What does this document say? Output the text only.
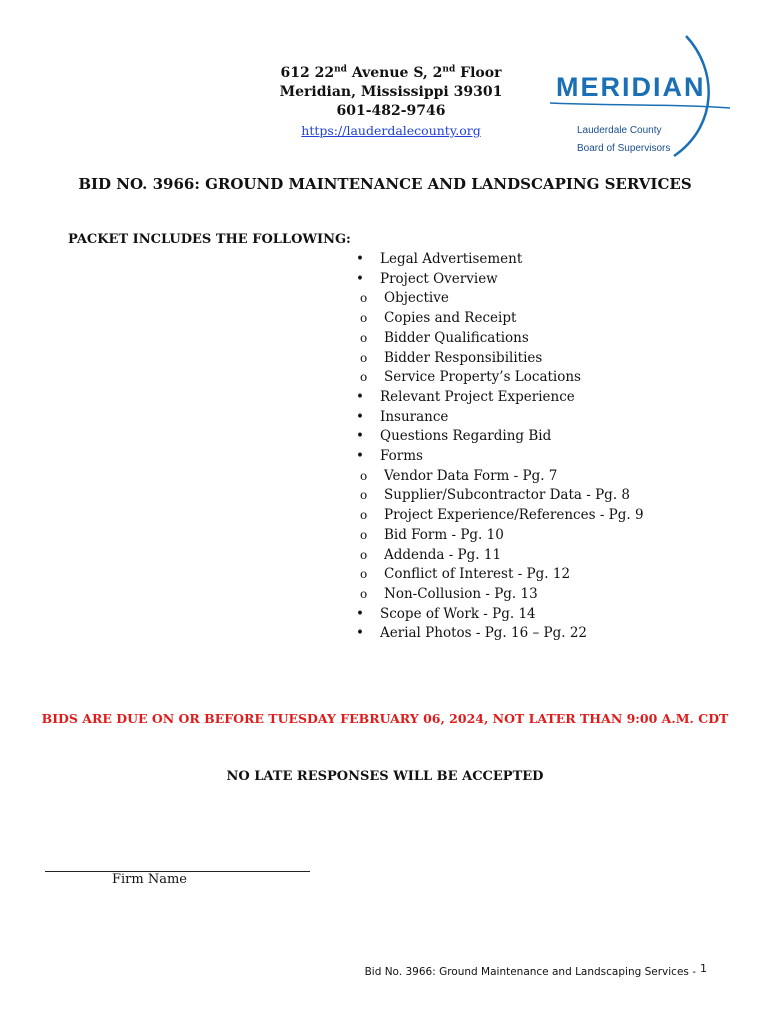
612 22nd Avenue S, 2nd Floor
Meridian, Mississippi 39301
601-482-9746
https://lauderdalecounty.org
MERIDIAN
Lauderdale County
Board of Supervisors
BID NO. 3966: GROUND MAINTENANCE AND LANDSCAPING SERVICES
PACKET INCLUDES THE FOLLOWING:
• Legal Advertisement
• Project Overview
o Objective
o Copies and Receipt
o Bidder Qualifications
o Bidder Responsibilities
o Service Property’s Locations
• Relevant Project Experience
• Insurance
• Questions Regarding Bid
• Forms
o Vendor Data Form - Pg. 7
o Supplier/Subcontractor Data - Pg. 8
o Project Experience/References - Pg. 9
o Bid Form - Pg. 10
o Addenda - Pg. 11
o Conflict of Interest - Pg. 12
o Non-Collusion - Pg. 13
• Scope of Work - Pg. 14
• Aerial Photos - Pg. 16 – Pg. 22
BIDS ARE DUE ON OR BEFORE TUESDAY FEBRUARY 06, 2024, NOT LATER THAN 9:00 A.M. CDT
NO LATE RESPONSES WILL BE ACCEPTED
Firm Name
Bid No. 3966: Ground Maintenance and Landscaping Services - 1
